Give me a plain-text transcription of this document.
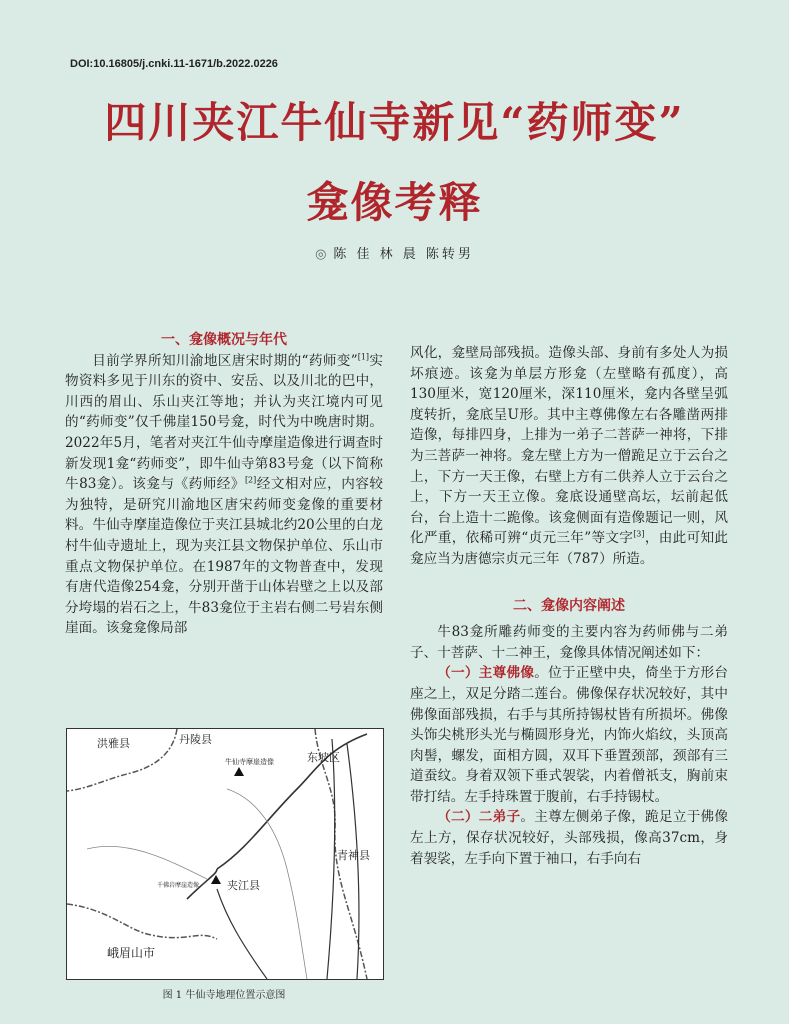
DOI:10.16805/j.cnki.11-1671/b.2022.0226
四川夹江牛仙寺新见“药师变”
龛像考释
◎ 陈 佳 林 晨 陈转男

一、龛像概况与年代

目前学界所知川渝地区唐宋时期的“药师变”[1]实物资料多见于川东的资中、安岳、以及川北的巴中，川西的眉山、乐山夹江等地；并认为夹江境内可见的“药师变”仅千佛崖150号龛，时代为中晚唐时期。2022年5月，笔者对夹江牛仙寺摩崖造像进行调查时新发现1龛“药师变”，即牛仙寺第83号龛（以下简称牛83龛）。该龛与《药师经》[2]经文相对应，内容较为独特，是研究川渝地区唐宋药师变龛像的重要材料。牛仙寺摩崖造像位于夹江县城北约20公里的白龙村牛仙寺遗址上，现为夹江县文物保护单位、乐山市重点文物保护单位。在1987年的文物普查中，发现有唐代造像254龛，分别开凿于山体岩壁之上以及部分垮塌的岩石之上，牛83龛位于主岩右侧二号岩东侧崖面。该龛龛像局部

洪雅县	丹陵县
东坡区
青神县
夹江县
峨眉山市
牛仙寺摩崖造像
千佛岩摩崖造像
图 1 牛仙寺地理位置示意图

风化，龛壁局部残损。造像头部、身前有多处人为损坏痕迹。该龛为单层方形龛（左壁略有孤度），高130厘米，宽120厘米，深110厘米，龛内各壁呈弧度转折，龛底呈U形。其中主尊佛像左右各雕凿两排造像，每排四身，上排为一弟子二菩萨一神将，下排为三菩萨一神将。龛左壁上方为一僧跪足立于云台之上，下方一天王像，右壁上方有二供养人立于云台之上，下方一天王立像。龛底设通壁高坛，坛前起低台，台上造十二跪像。该龛侧面有造像题记一则，风化严重，依稀可辨“贞元三年”等文字[3]，由此可知此龛应当为唐德宗贞元三年（787）所造。

二、龛像内容阐述

牛83龛所雕药师变的主要内容为药师佛与二弟子、十菩萨、十二神王，龛像具体情况阐述如下：

（一）主尊佛像。位于正壁中央，倚坐于方形台座之上，双足分踏二莲台。佛像保存状况较好，其中佛像面部残损，右手与其所持锡杖皆有所损坏。佛像头饰尖桃形头光与椭圆形身光，内饰火焰纹，头顶高肉髻，螺发，面相方圆，双耳下垂置颈部，颈部有三道蚕纹。身着双领下垂式袈裟，内着僧祇支，胸前束带打结。左手持珠置于腹前，右手持锡杖。

（二）二弟子。主尊左侧弟子像，跪足立于佛像左上方，保存状况较好，头部残损，像高37cm，身着袈裟，左手向下置于袖口，右手向右
